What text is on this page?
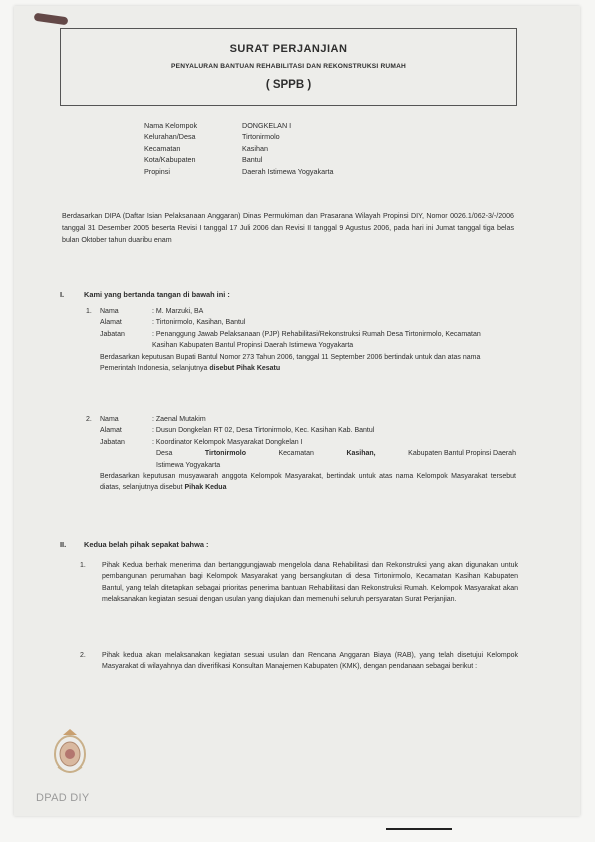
SURAT PERJANJIAN
PENYALURAN BANTUAN REHABILITASI DAN REKONSTRUKSI RUMAH
( SPPB )
Nama Kelompok	DONGKELAN I
Kelurahan/Desa	Tirtonirmolo
Kecamatan	Kasihan
Kota/Kabupaten	Bantul
Propinsi	Daerah Istimewa Yogyakarta
Berdasarkan DIPA (Daftar Isian Pelaksanaan Anggaran) Dinas Permukiman dan Prasarana Wilayah Propinsi DIY, Nomor 0026.1/062-3/-/2006 tanggal 31 Desember 2005 beserta Revisi I tanggal 17 Juli 2006 dan Revisi II tanggal 9 Agustus 2006, pada hari ini Jumat tanggal tiga belas bulan Oktober tahun duaribu enam
I.	Kami yang bertanda tangan di bawah ini :
1.	Nama	: M. Marzuki, BA
Alamat	: Tirtonirmolo, Kasihan, Bantul
Jabatan	: Penanggung Jawab Pelaksanaan (PJP) Rehabilitasi/Rekonstruksi Rumah Desa Tirtonirmolo, Kecamatan Kasihan Kabupaten Bantul Propinsi Daerah Istimewa Yogyakarta
Berdasarkan keputusan Bupati Bantul Nomor 273 Tahun 2006, tanggal 11 September 2006 bertindak untuk dan atas nama Pemerintah Indonesia, selanjutnya disebut Pihak Kesatu
2.	Nama	: Zaenal Mutakim
Alamat	: Dusun Dongkelan RT 02, Desa Tirtonirmolo, Kec. Kasihan Kab. Bantul
Jabatan	: Koordinator Kelompok Masyarakat Dongkelan I
Desa	Tirtonirmolo	Kecamatan	Kasihan,	Kabupaten Bantul Propinsi Daerah
Istimewa Yogyakarta
Berdasarkan keputusan musyawarah anggota Kelompok Masyarakat, bertindak untuk atas nama Kelompok Masyarakat tersebut diatas, selanjutnya disebut Pihak Kedua
II. Kedua belah pihak sepakat bahwa :
1.	Pihak Kedua berhak menerima dan bertanggungjawab mengelola dana Rehabilitasi dan Rekonstruksi yang akan digunakan untuk pembangunan perumahan bagi Kelompok Masyarakat yang bersangkutan di desa Tirtonirmolo, Kecamatan Kasihan Kabupaten Bantul, yang telah ditetapkan sebagai prioritas penerima bantuan Rehabilitasi dan Rekonstruksi Rumah. Kelompok Masyarakat akan melaksanakan kegiatan sesuai dengan usulan yang diajukan dan memenuhi seluruh persyaratan Surat Perjanjian.
2.	Pihak kedua akan melaksanakan kegiatan sesuai usulan dan Rencana Anggaran Biaya (RAB), yang telah disetujui Kelompok Masyarakat di wilayahnya dan diverifikasi Konsultan Manajemen Kabupaten (KMK), dengan pendanaan sebagai berikut :
DPAD DIY
